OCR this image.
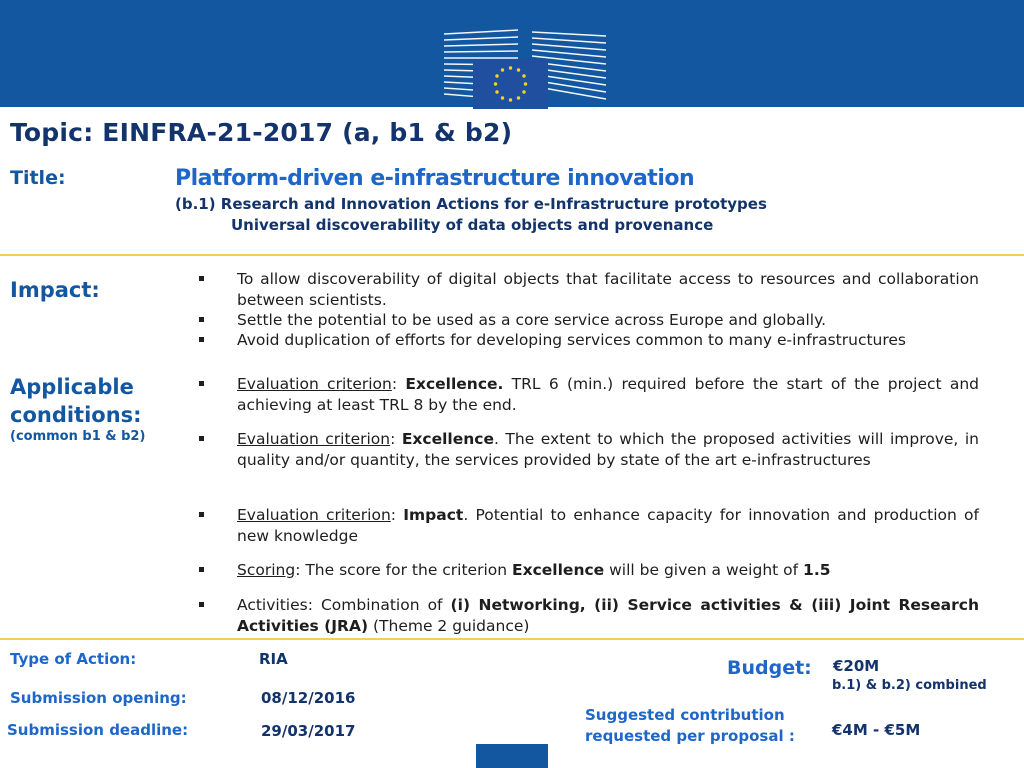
Topic: EINFRA-21-2017 (a, b1 & b2)
Title:	Platform-driven e-infrastructure innovation
(b.1) Research and Innovation Actions for e-Infrastructure prototypes
Universal discoverability of data objects and provenance
Impact:	To allow discoverability of digital objects that facilitate access to resources and collaboration between scientists.
Settle the potential to be used as a core service across Europe and globally.
Avoid duplication of efforts for developing services common to many e-infrastructures
Applicable conditions:
(common b1 & b2)
Evaluation criterion: Excellence. TRL 6 (min.) required before the start of the project and achieving at least TRL 8 by the end.
Evaluation criterion: Excellence. The extent to which the proposed activities will improve, in quality and/or quantity, the services provided by state of the art e-infrastructures
Evaluation criterion: Impact. Potential to enhance capacity for innovation and production of new knowledge
Scoring: The score for the criterion Excellence will be given a weight of 1.5
Activities: Combination of (i) Networking, (ii) Service activities & (iii) Joint Research Activities (JRA) (Theme 2 guidance)
Type of Action:	RIA
Submission opening:	08/12/2016
Submission deadline:	29/03/2017
Budget: €20M
b.1) & b.2) combined
Suggested contribution
requested per proposal : €4M - €5M
